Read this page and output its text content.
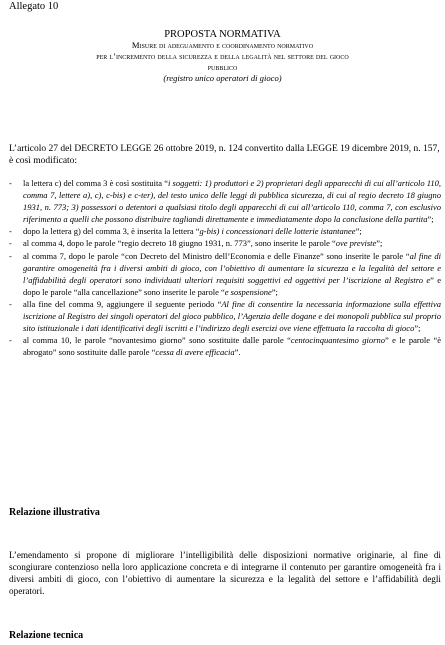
Allegato 10
PROPOSTA NORMATIVA
Misure di adeguamento e coordinamento normativo
per l’incremento della sicurezza e della legalità nel settore del gioco
pubblico
(registro unico operatori di gioco)
L’articolo 27 del DECRETO LEGGE 26 ottobre 2019, n. 124 convertito dalla LEGGE 19 dicembre 2019, n. 157, è così modificato:
- la lettera c) del comma 3 è così sostituita “i soggetti: 1) produttori e 2) proprietari degli apparecchi di cui all’articolo 110, comma 7, lettere a), c), c-bis) e c-ter), del testo unico delle leggi di pubblica sicurezza, di cui al regio decreto 18 giugno 1931, n. 773; 3) possessori o detentori a qualsiasi titolo degli apparecchi di cui all’articolo 110, comma 7, con esclusivo riferimento a quelli che possono distribuire tagliandi direttamente e immediatamente dopo la conclusione della partita”;
- dopo la lettera g) del comma 3, è inserita la lettera “g-bis) i concessionari delle lotterie istantanee”;
- al comma 4, dopo le parole “regio decreto 18 giugno 1931, n. 773”, sono inserite le parole “ove previste”;
- al comma 7, dopo le parole “con Decreto del Ministro dell’Economia e delle Finanze” sono inserite le parole “al fine di garantire omogeneità fra i diversi ambiti di gioco, con l’obiettivo di aumentare la sicurezza e la legalità del settore e l’affidabilità degli operatori sono individuati ulteriori requisiti soggettivi ed oggettivi per l’iscrizione al Registro e” e dopo le parole “alla cancellazione” sono inserite le parole “e sospensione”;
- alla fine del comma 9, aggiungere il seguente periodo “Al fine di consentire la necessaria informazione sulla effettiva iscrizione al Registro dei singoli operatori del gioco pubblico, l’Agenzia delle dogane e dei monopoli pubblica sul proprio sito istituzionale i dati identificativi degli iscritti e l’indirizzo degli esercizi ove viene effettuata la raccolta di gioco”;
- al comma 10, le parole “novantesimo giorno” sono sostituite dalle parole “centocinquantesimo giorno” e le parole “è abrogato” sono sostituite dalle parole “cessa di avere efficacia”.
Relazione illustrativa
L’emendamento si propone di migliorare l’intelligibilità delle disposizioni normative originarie, al fine di scongiurare contenzioso nella loro applicazione concreta e di integrarne il contenuto per garantire omogeneità fra i diversi ambiti di gioco, con l’obiettivo di aumentare la sicurezza e la legalità del settore e l’affidabilità degli operatori.
Relazione tecnica
